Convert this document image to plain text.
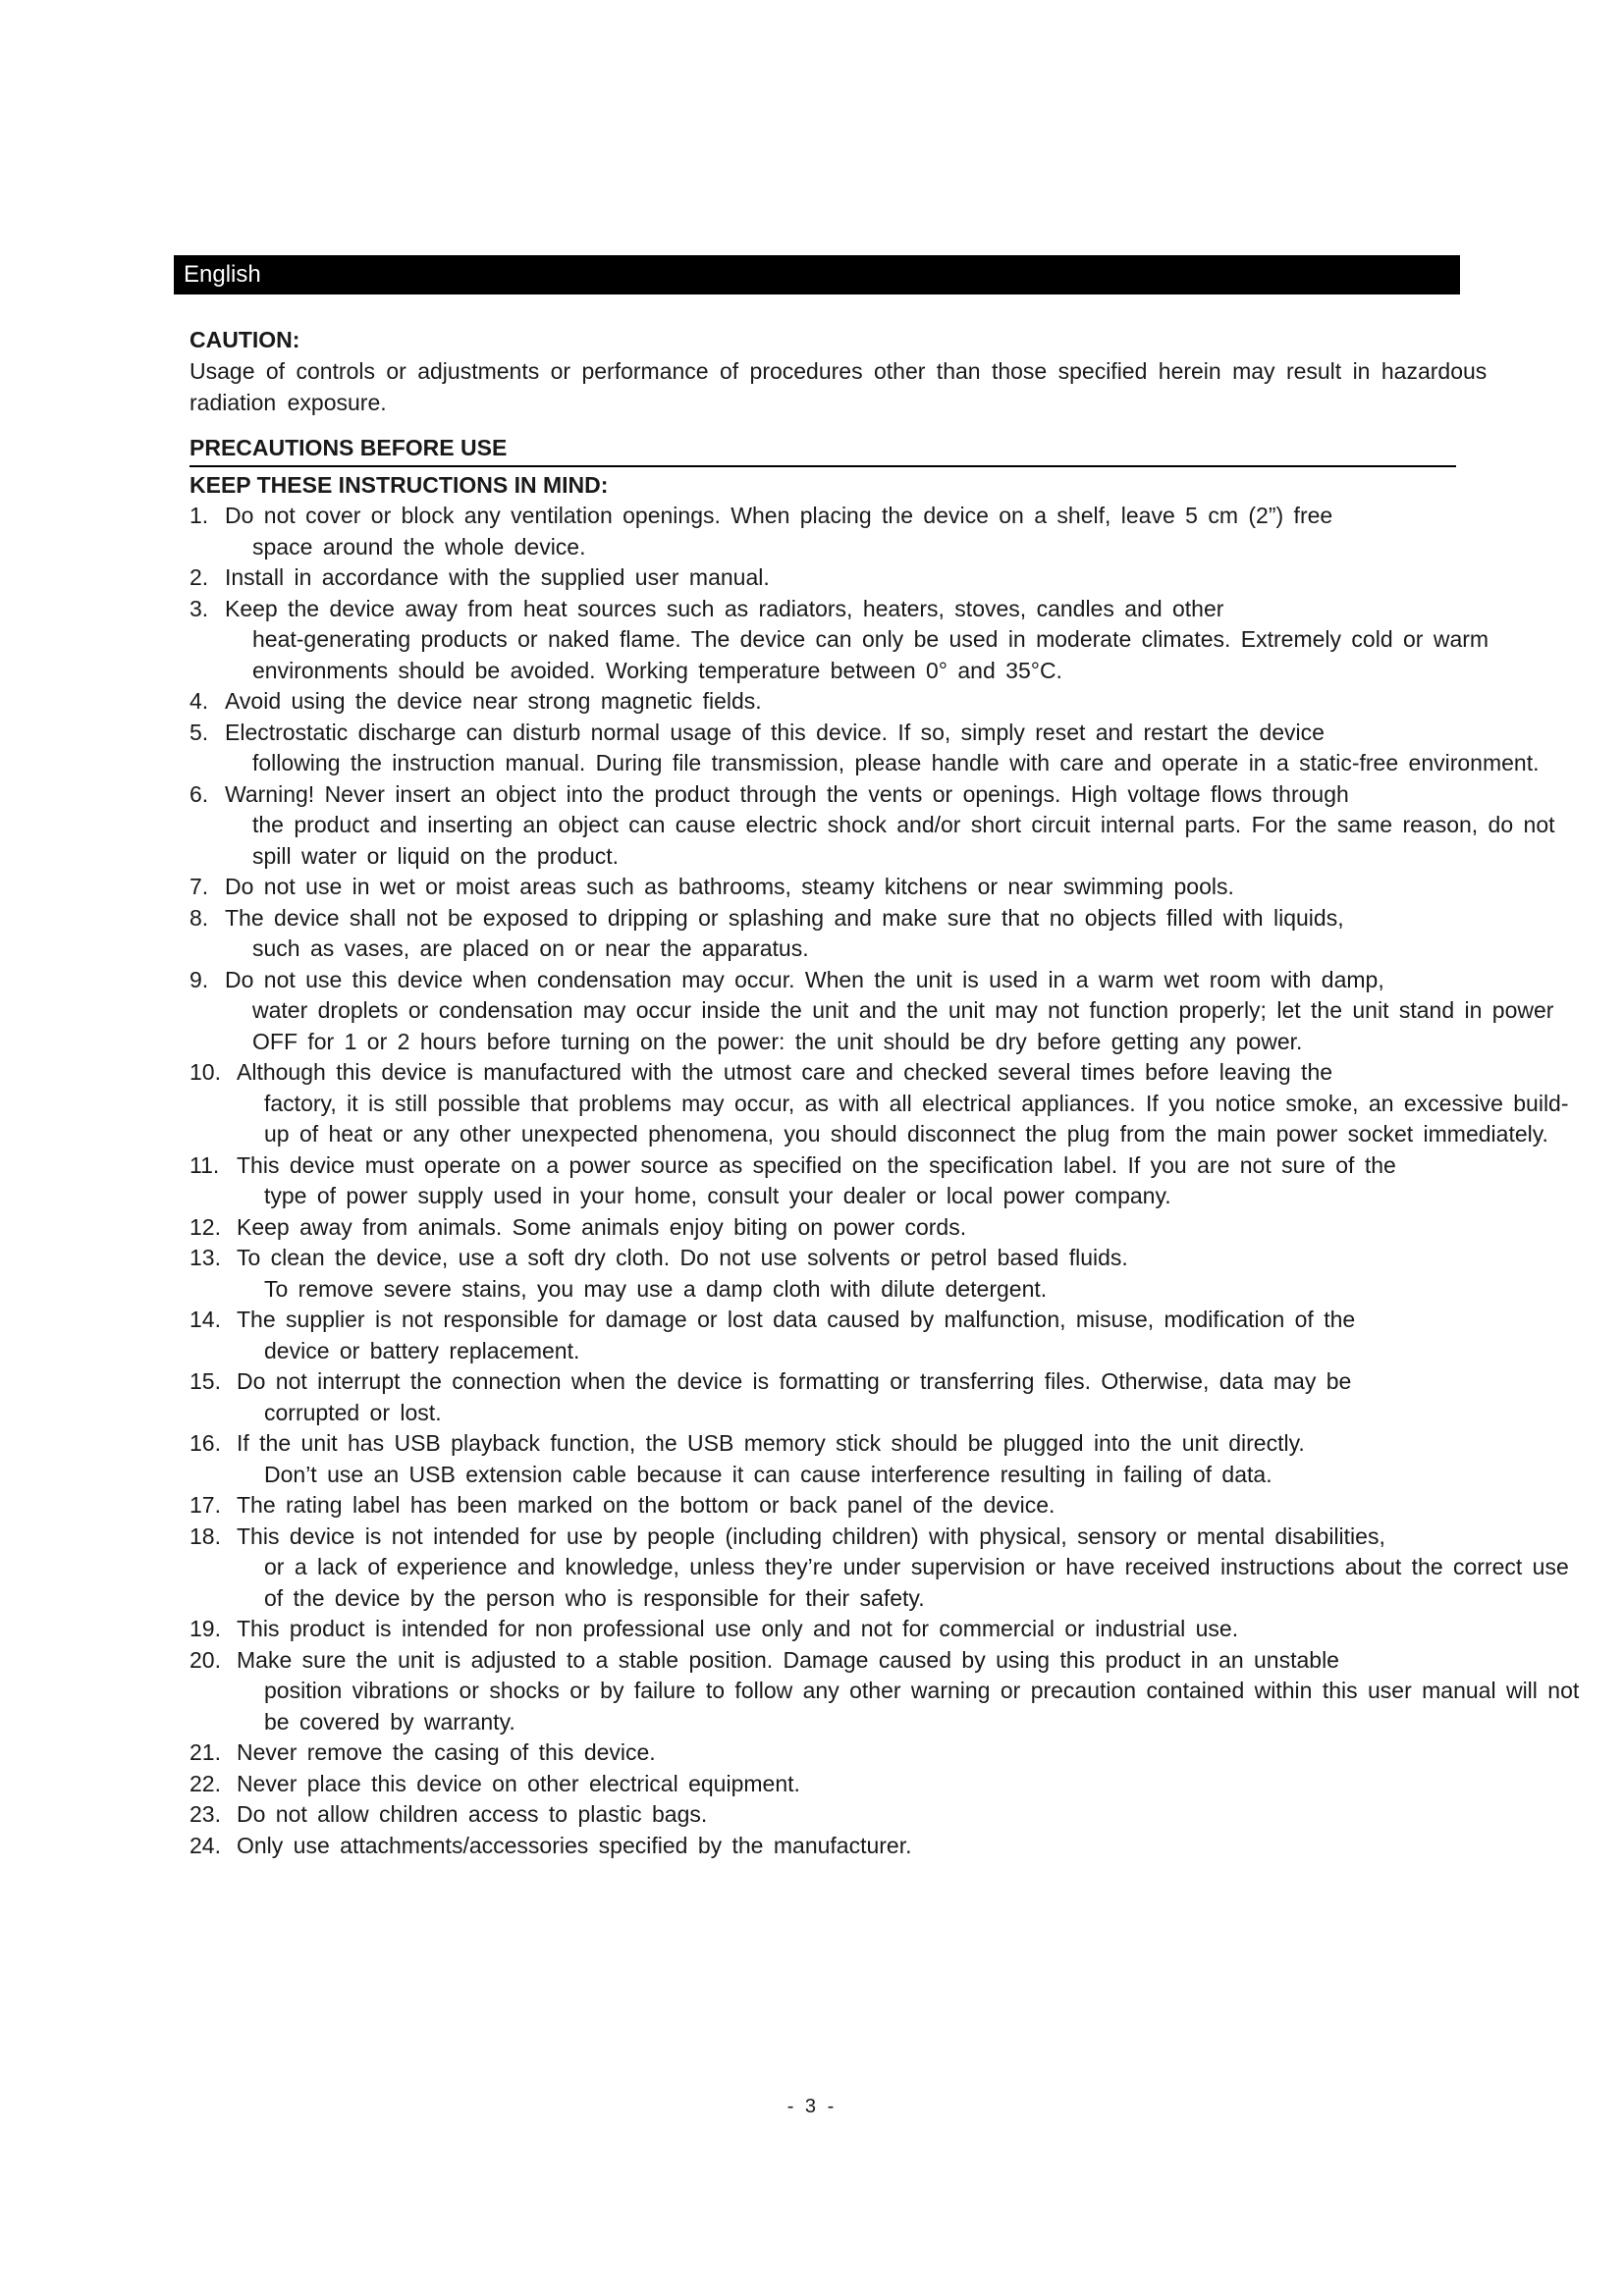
English

CAUTION:

Usage of controls or adjustments or performance of procedures other than those specified herein may result in hazardous radiation exposure.

PRECAUTIONS BEFORE USE
KEEP THESE INSTRUCTIONS IN MIND:
1. Do not cover or block any ventilation openings. When placing the device on a shelf, leave 5 cm (2”) free
space around the whole device.
2. Install in accordance with the supplied user manual.
3. Keep the device away from heat sources such as radiators, heaters, stoves, candles and other
heat-generating products or naked flame. The device can only be used in moderate climates. Extremely cold or warm environments should be avoided. Working temperature between 0° and 35°C.
4. Avoid using the device near strong magnetic fields.
5. Electrostatic discharge can disturb normal usage of this device. If so, simply reset and restart the device
following the instruction manual. During file transmission, please handle with care and operate in a static-free environment.
6. Warning! Never insert an object into the product through the vents or openings. High voltage flows through
the product and inserting an object can cause electric shock and/or short circuit internal parts. For the same reason, do not spill water or liquid on the product.
7. Do not use in wet or moist areas such as bathrooms, steamy kitchens or near swimming pools.
8. The device shall not be exposed to dripping or splashing and make sure that no objects filled with liquids,
such as vases, are placed on or near the apparatus.
9. Do not use this device when condensation may occur. When the unit is used in a warm wet room with damp,
water droplets or condensation may occur inside the unit and the unit may not function properly; let the unit stand in power OFF for 1 or 2 hours before turning on the power: the unit should be dry before getting any power.
10. Although this device is manufactured with the utmost care and checked several times before leaving the
factory, it is still possible that problems may occur, as with all electrical appliances. If you notice smoke, an excessive build-up of heat or any other unexpected phenomena, you should disconnect the plug from the main power socket immediately.
11. This device must operate on a power source as specified on the specification label. If you are not sure of the
type of power supply used in your home, consult your dealer or local power company.
12. Keep away from animals. Some animals enjoy biting on power cords.
13. To clean the device, use a soft dry cloth. Do not use solvents or petrol based fluids.
To remove severe stains, you may use a damp cloth with dilute detergent.
14. The supplier is not responsible for damage or lost data caused by malfunction, misuse, modification of the
device or battery replacement.
15. Do not interrupt the connection when the device is formatting or transferring files. Otherwise, data may be
corrupted or lost.
16. If the unit has USB playback function, the USB memory stick should be plugged into the unit directly.
Don’t use an USB extension cable because it can cause interference resulting in failing of data.
17. The rating label has been marked on the bottom or back panel of the device.
18. This device is not intended for use by people (including children) with physical, sensory or mental disabilities,
or a lack of experience and knowledge, unless they’re under supervision or have received instructions about the correct use of the device by the person who is responsible for their safety.
19. This product is intended for non professional use only and not for commercial or industrial use.
20. Make sure the unit is adjusted to a stable position. Damage caused by using this product in an unstable
position vibrations or shocks or by failure to follow any other warning or precaution contained within this user manual will not be covered by warranty.
21. Never remove the casing of this device.
22. Never place this device on other electrical equipment.
23. Do not allow children access to plastic bags.
24. Only use attachments/accessories specified by the manufacturer.
- 3 -
